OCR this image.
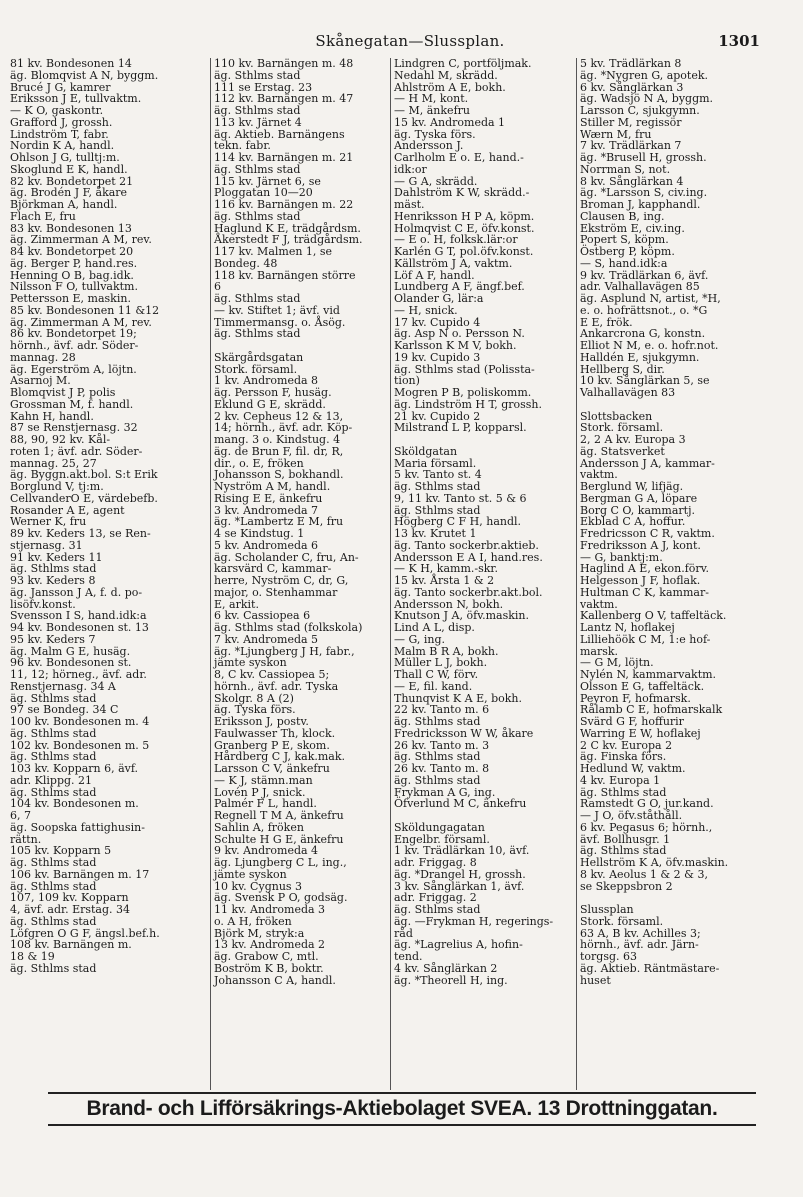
Skånegatan—Slussplan.	1301
81 kv. Bondesonen 14
äg. Blomqvist A N, byggm.
Brucé J G, kamrer
Eriksson J E, tullvaktm.
— K O, gaskontr.
Grafford J, grossh.
Lindström T, fabr.
Nordin K A, handl.
Ohlson J G, tulltj:m.
Skoglund E K, handl.
82 kv. Bondetorpet 21
äg. Brodén J F, åkare
Björkman A, handl.
Flach E, fru
83 kv. Bondesonen 13
äg. Zimmerman A M, rev.
84 kv. Bondetorpet 20
äg. Berger P, hand.res.
Henning O B, bag.idk.
Nilsson F O, tullvaktm.
Pettersson E, maskin.
85 kv. Bondesonen 11 &12
äg. Zimmerman A M, rev.
86 kv. Bondetorpet 19;
hörnh., ävf. adr. Söder-
mannag. 28
äg. Egerström A, löjtn.
Asarnoj M.
Blomqvist J P, polis
Grossman M, f. handl.
Kahn H, handl.
87 se Renstjernasg. 32
88, 90, 92 kv. Kål-
roten 1; ävf. adr. Söder-
mannag. 25, 27
äg. Byggn.akt.bol. S:t Erik
Borglund V, tj:m.
CellvanderO E, värdebefb.
Rosander A E, agent
Werner K, fru
89 kv. Keders 13, se Ren-
stjernasg. 31
91 kv. Keders 11
äg. Sthlms stad
93 kv. Keders 8
äg. Jansson J A, f. d. po-
lisöfv.konst.
Svensson I S, hand.idk:a
94 kv. Bondesonen st. 13
95 kv. Keders 7
äg. Malm G E, husäg.
96 kv. Bondesonen st.
11, 12; hörneg., ävf. adr.
Renstjernasg. 34 A
äg. Sthlms stad
97 se Bondeg. 34 C
100 kv. Bondesonen m. 4
äg. Sthlms stad
102 kv. Bondesonen m. 5
äg. Sthlms stad
103 kv. Kopparn 6, ävf.
adr. Klippg. 21
äg. Sthlms stad
104 kv. Bondesonen m.
6, 7
äg. Soopska fattighusin-
rättn.
105 kv. Kopparn 5
äg. Sthlms stad
106 kv. Barnängen m. 17
äg. Sthlms stad
107, 109 kv. Kopparn
4, ävf. adr. Erstag. 34
äg. Sthlms stad
Löfgren O G F, ängsl.bef.h.
108 kv. Barnängen m.
18 & 19
äg. Sthlms stad
110 kv. Barnängen m. 48
äg. Sthlms stad
111 se Erstag. 23
112 kv. Barnängen m. 47
äg. Sthlms stad
113 kv. Järnet 4
äg. Aktieb. Barnängens
tekn. fabr.
114 kv. Barnängen m. 21
äg. Sthlms stad
115 kv. Järnet 6, se
Ploggatan 10—20
116 kv. Barnängen m. 22
äg. Sthlms stad
Haglund K E, trädgårdsm.
Åkerstedt F J, trädgårdsm.
117 kv. Malmen 1, se
Bondeg. 48
118 kv. Barnängen större
6
äg. Sthlms stad
— kv. Stiftet 1; ävf. vid
Timmermansg. o. Åsög.
äg. Sthlms stad
Skärgårdsgatan
Stork. församl.
1 kv. Andromeda 8
äg. Persson F, husäg.
Eklund G E, skrädd.
2 kv. Cepheus 12 & 13,
14; hörnh., ävf. adr. Köp-
mang. 3 o. Kindstug. 4
äg. de Brun F, fil. dr, R,
dir., o. E, fröken
Johansson S, bokhandl.
Nyström A M, handl.
Rising E E, änkefru
3 kv. Andromeda 7
äg. *Lambertz E M, fru
4 se Kindstug. 1
5 kv. Andromeda 6
äg. Scholander C, fru, An-
karsvärd C, kammar-
herre, Nyström C, dr, G,
major, o. Stenhammar
E, arkit.
6 kv. Cassiopea 6
äg. Sthlms stad (folkskola)
7 kv. Andromeda 5
äg. *Ljungberg J H, fabr.,
jämte syskon
8, C kv. Cassiopea 5;
hörnh., ävf. adr. Tyska
Skolgr. 8 A (2)
äg. Tyska förs.
Eriksson J, postv.
Faulwasser Th, klock.
Granberg P E, skom.
Hårdberg C J, kak.mak.
Larsson C V, änkefru
— K J, stämn.man
Lovén P J, snick.
Palmér F L, handl.
Regnell T M A, änkefru
Sahlin A, fröken
Schulte H G E, änkefru
9 kv. Andromeda 4
äg. Ljungberg C L, ing.,
jämte syskon
10 kv. Cygnus 3
äg. Svensk P O, godsäg.
11 kv. Andromeda 3
o. A H, fröken
Björk M, stryk:a
13 kv. Andromeda 2
äg. Grabow C, mtl.
Boström K B, boktr.
Johansson C A, handl.
Lindgren C, portföljmak.
Nedahl M, skrädd.
Ahlström A E, bokh.
— H M, kont.
— M, änkefru
15 kv. Andromeda 1
äg. Tyska förs.
Andersson J.
Carlholm E o. E, hand.-
idk:or
— G A, skrädd.
Dahlström K W, skrädd.-
mäst.
Henriksson H P A, köpm.
Holmqvist C E, öfv.konst.
— E o. H, folksk.lär:or
Karlén G T, pol.öfv.konst.
Källström J A, vaktm.
Löf A F, handl.
Lundberg A F, ängf.bef.
Olander G, lär:a
— H, snick.
17 kv. Cupido 4
äg. Asp N o. Persson N.
Karlsson K M V, bokh.
19 kv. Cupido 3
äg. Sthlms stad (Polissta-
tion)
Mogren P B, poliskomm.
äg. Lindström H T, grossh.
21 kv. Cupido 2
Milstrand L P, kopparsl.
Sköldgatan
Maria församl.
5 kv. Tanto st. 4
äg. Sthlms stad
9, 11 kv. Tanto st. 5 & 6
äg. Sthlms stad
Högberg C F H, handl.
13 kv. Krutet 1
äg. Tanto sockerbr.aktieb.
Andersson E A I, hand.res.
— K H, kamm.-skr.
15 kv. Årsta 1 & 2
äg. Tanto sockerbr.akt.bol.
Andersson N, bokh.
Knutson J A, öfv.maskin.
Lind A L, disp.
— G, ing.
Malm B R A, bokh.
Müller L J, bokh.
Thall C W, förv.
— E, fil. kand.
Thunqvist K A E, bokh.
22 kv. Tanto m. 6
äg. Sthlms stad
Fredricksson W W, åkare
26 kv. Tanto m. 3
äg. Sthlms stad
26 kv. Tanto m. 8
äg. Sthlms stad
Frykman A G, ing.
Öfverlund M C, änkefru
Sköldungagatan
Engelbr. församl.
1 kv. Trädlärkan 10, ävf.
adr. Friggag. 8
äg. *Drangel H, grossh.
3 kv. Sånglärkan 1, ävf.
adr. Friggag. 2
äg. Sthlms stad
äg. —Frykman H, regerings-
råd
äg. *Lagrelius A, hofin-
tend.
4 kv. Sånglärkan 2
äg. *Theorell H, ing.
5 kv. Trädlärkan 8
äg. *Nygren G, apotek.
6 kv. Sånglärkan 3
äg. Wadsjö N A, byggm.
Larsson C, sjukgymn.
Stiller M, regissör
Wærn M, fru
7 kv. Trädlärkan 7
äg. *Brusell H, grossh.
Norrman S, not.
8 kv. Sånglärkan 4
äg. *Larsson S, civ.ing.
Broman J, kapphandl.
Clausen B, ing.
Ekström E, civ.ing.
Popert S, köpm.
Östberg P, köpm.
— S, hand.idk:a
9 kv. Trädlärkan 6, ävf.
adr. Valhallavägen 85
äg. Asplund N, artist, *H,
e. o. hofrättsnot., o. *G
E E, frök.
Ankarcrona G, konstn.
Elliot N M, e. o. hofr.not.
Halldén E, sjukgymn.
Hellberg S, dir.
10 kv. Sånglärkan 5, se
Valhallavägen 83
Slottsbacken
Stork. församl.
2, 2 A kv. Europa 3
äg. Statsverket
Andersson J A, kammar-
vaktm.
Berglund W, lifjäg.
Bergman G A, löpare
Borg C O, kammartj.
Ekblad C A, hoffur.
Fredricsson C R, vaktm.
Fredriksson A J, kont.
— G, banktj:m.
Haglind A E, ekon.förv.
Helgesson J F, hoflak.
Hultman C K, kammar-
vaktm.
Kallenberg O V, taffeltäck.
Lantz N, hoflakej
Lilliehöök C M, 1:e hof-
marsk.
— G M, löjtn.
Nylén N, kammarvaktm.
Olsson E G, taffeltäck.
Peyron F, hofmarsk.
Rålamb C E, hofmarskalk
Svärd G F, hoffurir
Warring E W, hoflakej
2 C kv. Europa 2
äg. Finska förs.
Hedlund W, vaktm.
4 kv. Europa 1
äg. Sthlms stad
Ramstedt G O, jur.kand.
— J O, öfv.ståthåll.
6 kv. Pegasus 6; hörnh.,
ävf. Bollhusgr. 1
äg. Sthlms stad
Hellström K A, öfv.maskin.
8 kv. Aeolus 1 & 2 & 3,
se Skeppsbron 2
Slussplan
Stork. församl.
63 A, B kv. Achilles 3;
hörnh., ävf. adr. Järn-
torgsg. 63
äg. Aktieb. Räntmästare-
huset
Brand- och Lifförsäkrings-Aktiebolaget SVEA. 13 Drottninggatan.
